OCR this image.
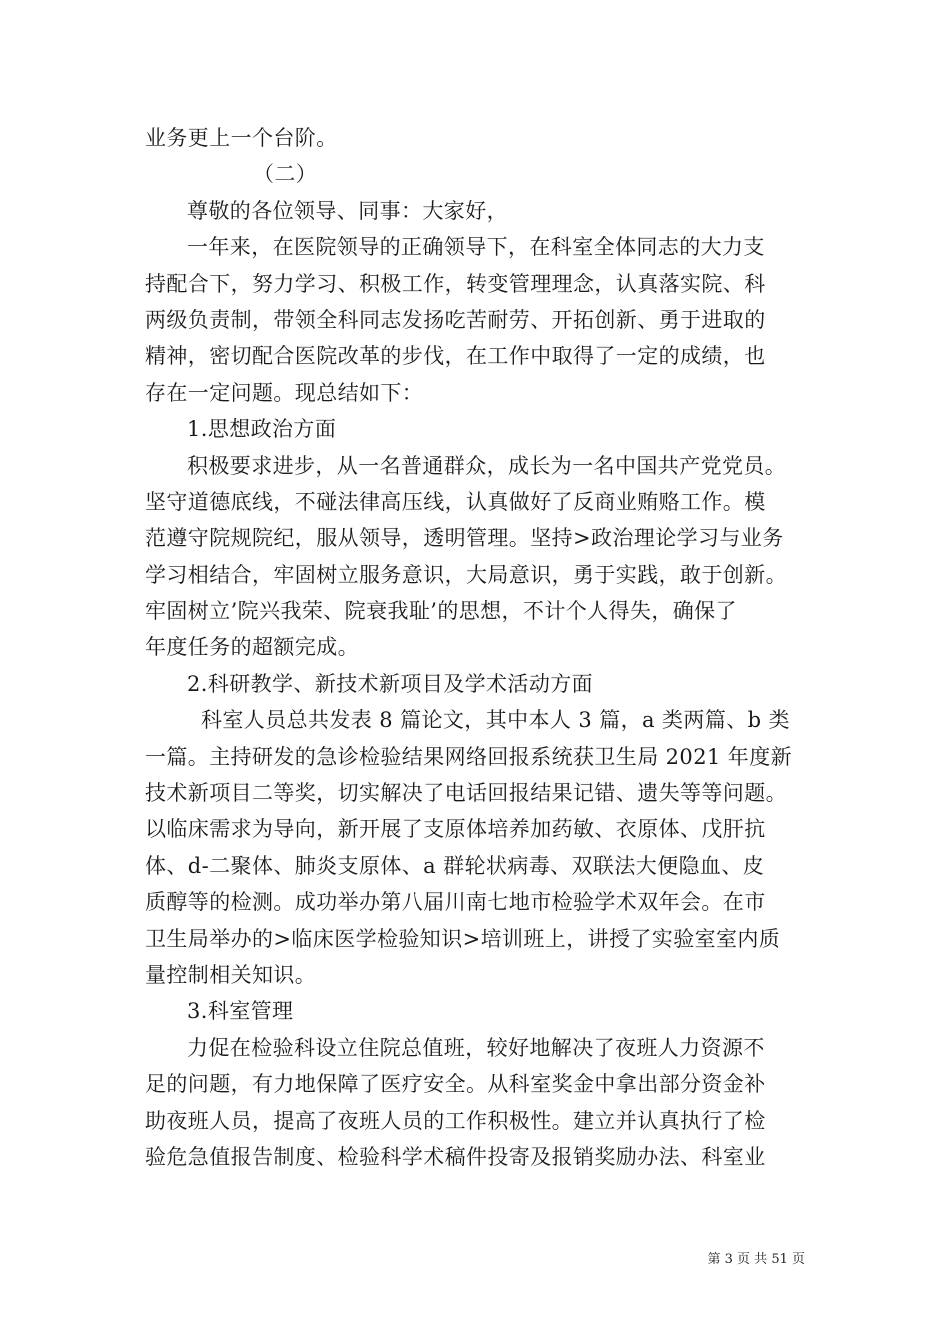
业务更上一个台阶。
（二）
尊敬的各位领导、同事：大家好，
一年来，在医院领导的正确领导下，在科室全体同志的大力支
持配合下，努力学习、积极工作，转变管理理念，认真落实院、科
两级负责制，带领全科同志发扬吃苦耐劳、开拓创新、勇于进取的
精神，密切配合医院改革的步伐，在工作中取得了一定的成绩，也
存在一定问题。现总结如下：
1.思想政治方面
积极要求进步，从一名普通群众，成长为一名中国共产党党员。
坚守道德底线，不碰法律高压线，认真做好了反商业贿赂工作。模
范遵守院规院纪，服从领导，透明管理。坚持>政治理论学习与业务
学习相结合，牢固树立服务意识，大局意识，勇于实践，敢于创新。
牢固树立’院兴我荣、院衰我耻’的思想，不计个人得失，确保了
年度任务的超额完成。
2.科研教学、新技术新项目及学术活动方面
科室人员总共发表 8 篇论文，其中本人 3 篇，a 类两篇、b 类
一篇。主持研发的急诊检验结果网络回报系统获卫生局 2021 年度新
技术新项目二等奖，切实解决了电话回报结果记错、遗失等等问题。
以临床需求为导向，新开展了支原体培养加药敏、衣原体、戊肝抗
体、d-二聚体、肺炎支原体、a 群轮状病毒、双联法大便隐血、皮
质醇等的检测。成功举办第八届川南七地市检验学术双年会。在市
卫生局举办的>临床医学检验知识>培训班上，讲授了实验室室内质
量控制相关知识。
3.科室管理
力促在检验科设立住院总值班，较好地解决了夜班人力资源不
足的问题，有力地保障了医疗安全。从科室奖金中拿出部分资金补
助夜班人员，提高了夜班人员的工作积极性。建立并认真执行了检
验危急值报告制度、检验科学术稿件投寄及报销奖励办法、科室业
第 3 页 共 51 页
